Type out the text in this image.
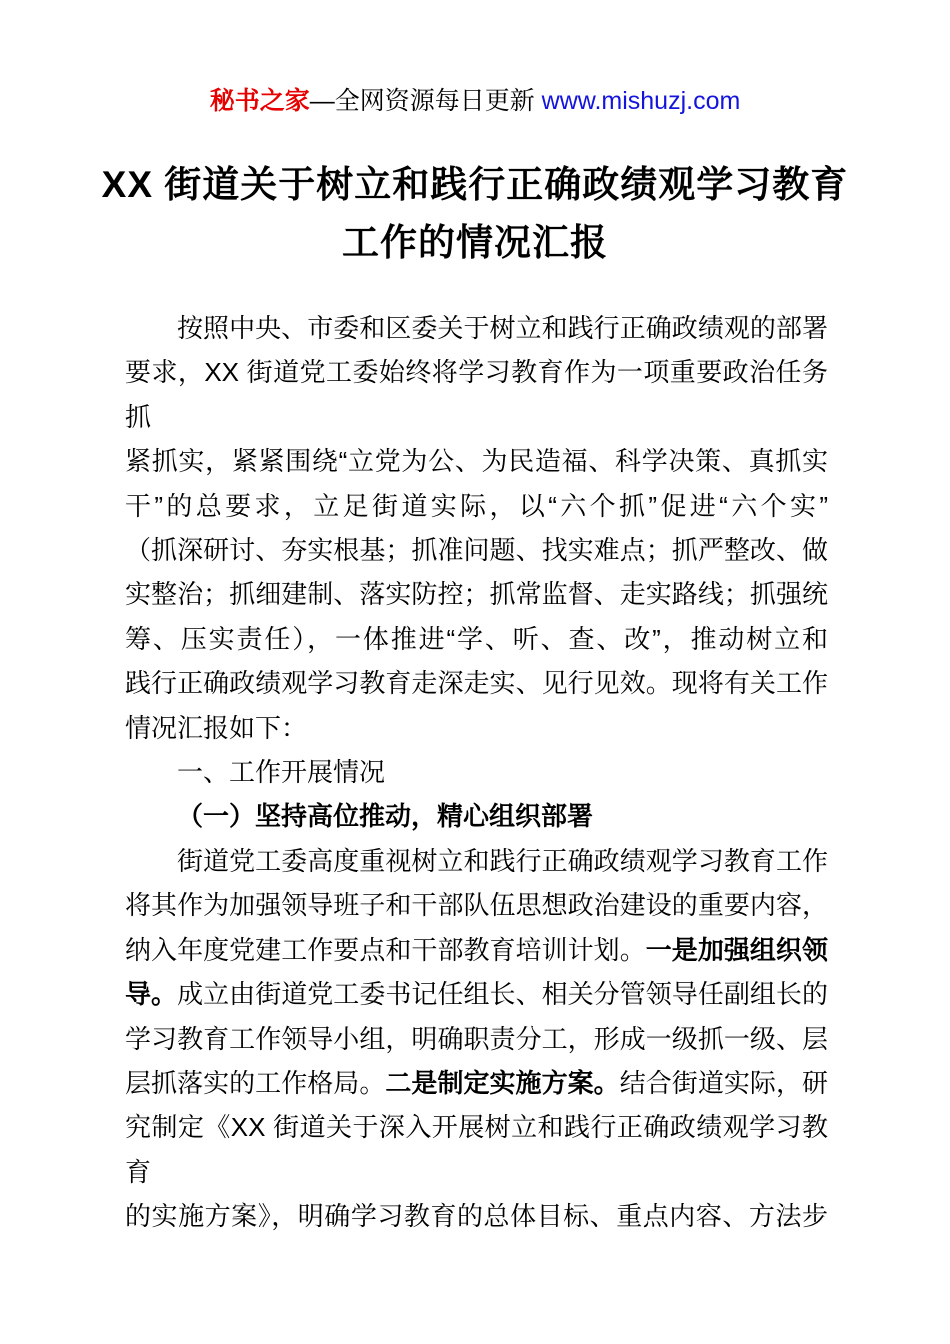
秘书之家—全网资源每日更新 www.mishuzj.com
XX 街道关于树立和践行正确政绩观学习教育
工作的情况汇报
按照中央、市委和区委关于树立和践行正确政绩观的部署
要求，XX 街道党工委始终将学习教育作为一项重要政治任务抓
紧抓实，紧紧围绕“立党为公、为民造福、科学决策、真抓实
干”的总要求，立足街道实际，以“六个抓”促进“六个实”
（抓深研讨、夯实根基；抓准问题、找实难点；抓严整改、做
实整治；抓细建制、落实防控；抓常监督、走实路线；抓强统
筹、压实责任），一体推进“学、听、查、改”，推动树立和
践行正确政绩观学习教育走深走实、见行见效。现将有关工作
情况汇报如下：
一、工作开展情况
（一）坚持高位推动，精心组织部署
街道党工委高度重视树立和践行正确政绩观学习教育工作
将其作为加强领导班子和干部队伍思想政治建设的重要内容，
纳入年度党建工作要点和干部教育培训计划。一是加强组织领
导。成立由街道党工委书记任组长、相关分管领导任副组长的
学习教育工作领导小组，明确职责分工，形成一级抓一级、层
层抓落实的工作格局。二是制定实施方案。结合街道实际，研
究制定《XX 街道关于深入开展树立和践行正确政绩观学习教育
的实施方案》，明确学习教育的总体目标、重点内容、方法步
